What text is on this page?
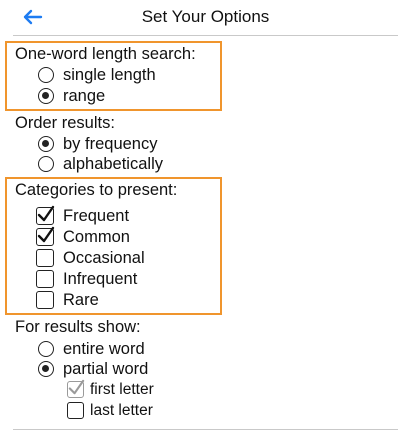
Set Your Options
One-word length search:
single length
range
Order results:
by frequency
alphabetically
Categories to present:
Frequent
Common
Occasional
Infrequent
Rare
For results show:
entire word
partial word
first letter
last letter
